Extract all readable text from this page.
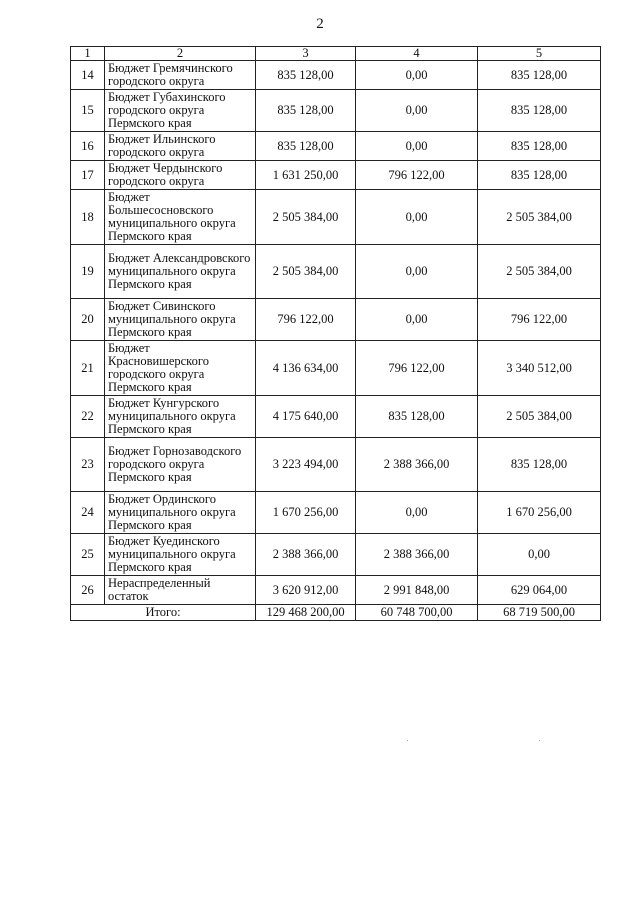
2
1	2	3	4	5
14	Бюджет Гремячинского городского округа	835 128,00	0,00	835 128,00
15	Бюджет Губахинского городского округа Пермского края	835 128,00	0,00	835 128,00
16	Бюджет Ильинского городского округа	835 128,00	0,00	835 128,00
17	Бюджет Чердынского городского округа	1 631 250,00	796 122,00	835 128,00
18	Бюджет Большесосновского муниципального округа Пермского края	2 505 384,00	0,00	2 505 384,00
19	Бюджет Александровского муниципального округа Пермского края	2 505 384,00	0,00	2 505 384,00
20	Бюджет Сивинского муниципального округа Пермского края	796 122,00	0,00	796 122,00
21	Бюджет Красновишерского городского округа Пермского края	4 136 634,00	796 122,00	3 340 512,00
22	Бюджет Кунгурского муниципального округа Пермского края	4 175 640,00	835 128,00	2 505 384,00
23	Бюджет Горнозаводского городского округа Пермского края	3 223 494,00	2 388 366,00	835 128,00
24	Бюджет Ординского муниципального округа Пермского края	1 670 256,00	0,00	1 670 256,00
25	Бюджет Куединского муниципального округа Пермского края	2 388 366,00	2 388 366,00	0,00
26	Нераспределенный остаток	3 620 912,00	2 991 848,00	629 064,00
Итого:		129 468 200,00	60 748 700,00	68 719 500,00
